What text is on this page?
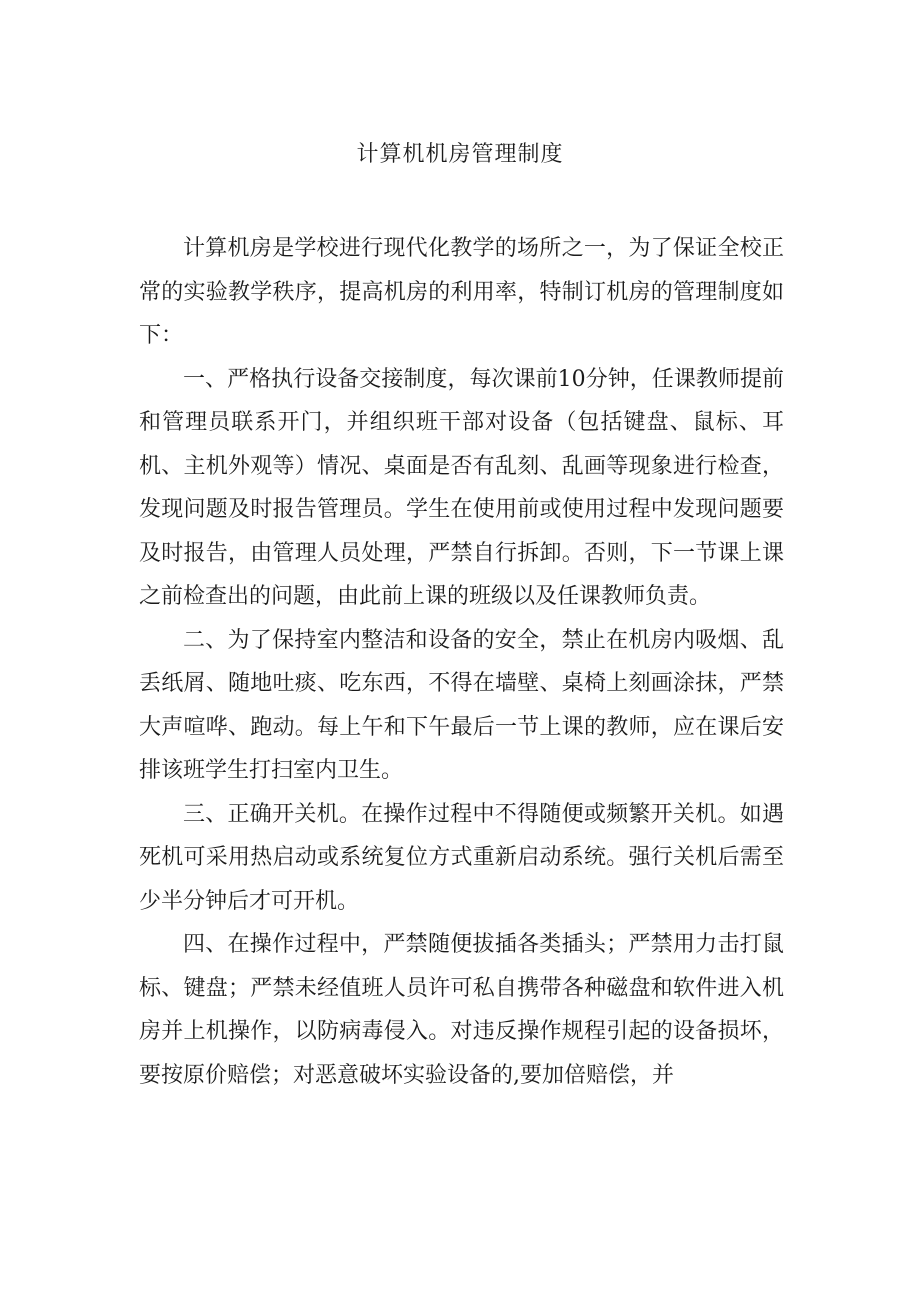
计算机机房管理制度

计算机房是学校进行现代化教学的场所之一，为了保证全校正常的实验教学秩序，提高机房的利用率，特制订机房的管理制度如下：

一、严格执行设备交接制度，每次课前10分钟，任课教师提前和管理员联系开门，并组织班干部对设备（包括键盘、鼠标、耳机、主机外观等）情况、桌面是否有乱刻、乱画等现象进行检查，发现问题及时报告管理员。学生在使用前或使用过程中发现问题要及时报告，由管理人员处理，严禁自行拆卸。否则，下一节课上课之前检查出的问题，由此前上课的班级以及任课教师负责。

二、为了保持室内整洁和设备的安全，禁止在机房内吸烟、乱丢纸屑、随地吐痰、吃东西，不得在墙壁、桌椅上刻画涂抹，严禁大声喧哗、跑动。每上午和下午最后一节上课的教师，应在课后安排该班学生打扫室内卫生。

三、正确开关机。在操作过程中不得随便或频繁开关机。如遇死机可采用热启动或系统复位方式重新启动系统。强行关机后需至少半分钟后才可开机。

四、在操作过程中，严禁随便拔插各类插头；严禁用力击打鼠标、键盘；严禁未经值班人员许可私自携带各种磁盘和软件进入机房并上机操作，以防病毒侵入。对违反操作规程引起的设备损坏，要按原价赔偿；对恶意破坏实验设备的,要加倍赔偿，并
